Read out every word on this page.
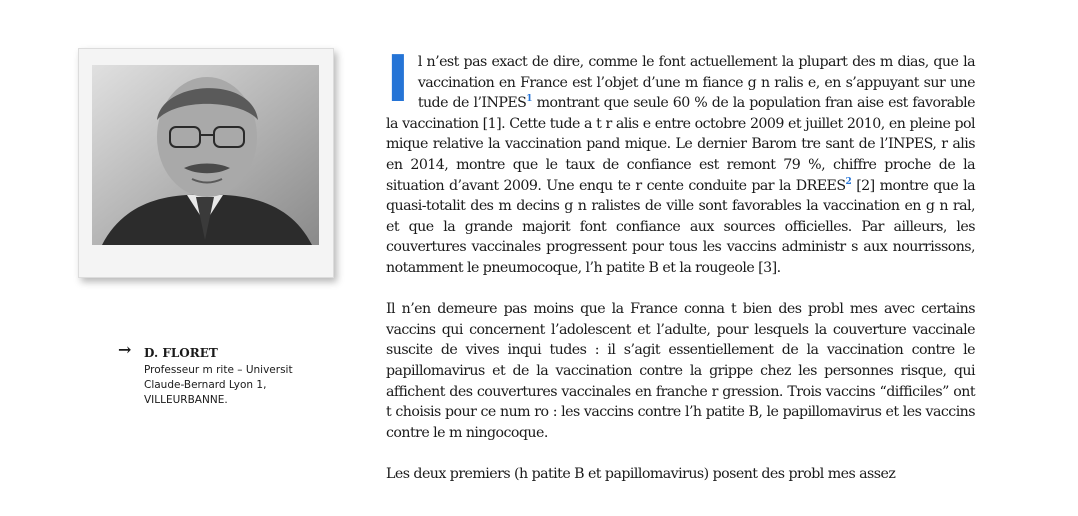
→ D. FLORET
Professeur m rite – Universit
Claude-Bernard Lyon 1,
VILLEURBANNE.

Il n’est pas exact de dire, comme le font actuellement la plupart des m dias, que la vaccination en France est l’objet d’une m fiance g n ralis e, en s’appuyant sur une tude de l’INPES$^1$ montrant que seule 60 % de la population fran aise est favorable la vaccination [1]. Cette tude a t r alis e entre octobre 2009 et juillet 2010, en pleine pol mique relative la vaccination pand mique. Le dernier Barom tre sant de l’INPES, r alis en 2014, montre que le taux de confiance est remont 79 %, chiffre proche de la situation d’avant 2009. Une enqu te r cente conduite par la DREES$^2$ [2] montre que la quasi-totalit des m decins g n ralistes de ville sont favorables la vaccination en g n ral, et que la grande majorit font confiance aux sources officielles. Par ailleurs, les couvertures vaccinales progressent pour tous les vaccins administr s aux nourrissons, notamment le pneumocoque, l’h patite B et la rougeole [3].

Il n’en demeure pas moins que la France conna t bien des probl mes avec certains vaccins qui concernent l’adolescent et l’adulte, pour lesquels la couverture vaccinale suscite de vives inqui tudes : il s’agit essentiellement de la vaccination contre le papillomavirus et de la vaccination contre la grippe chez les personnes risque, qui affichent des couvertures vaccinales en franche r gression. Trois vaccins “difficiles” ont t choisis pour ce num ro : les vaccins contre l’h patite B, le papillomavirus et les vaccins contre le m ningocoque.

Les deux premiers (h patite B et papillomavirus) posent des probl mes assez
